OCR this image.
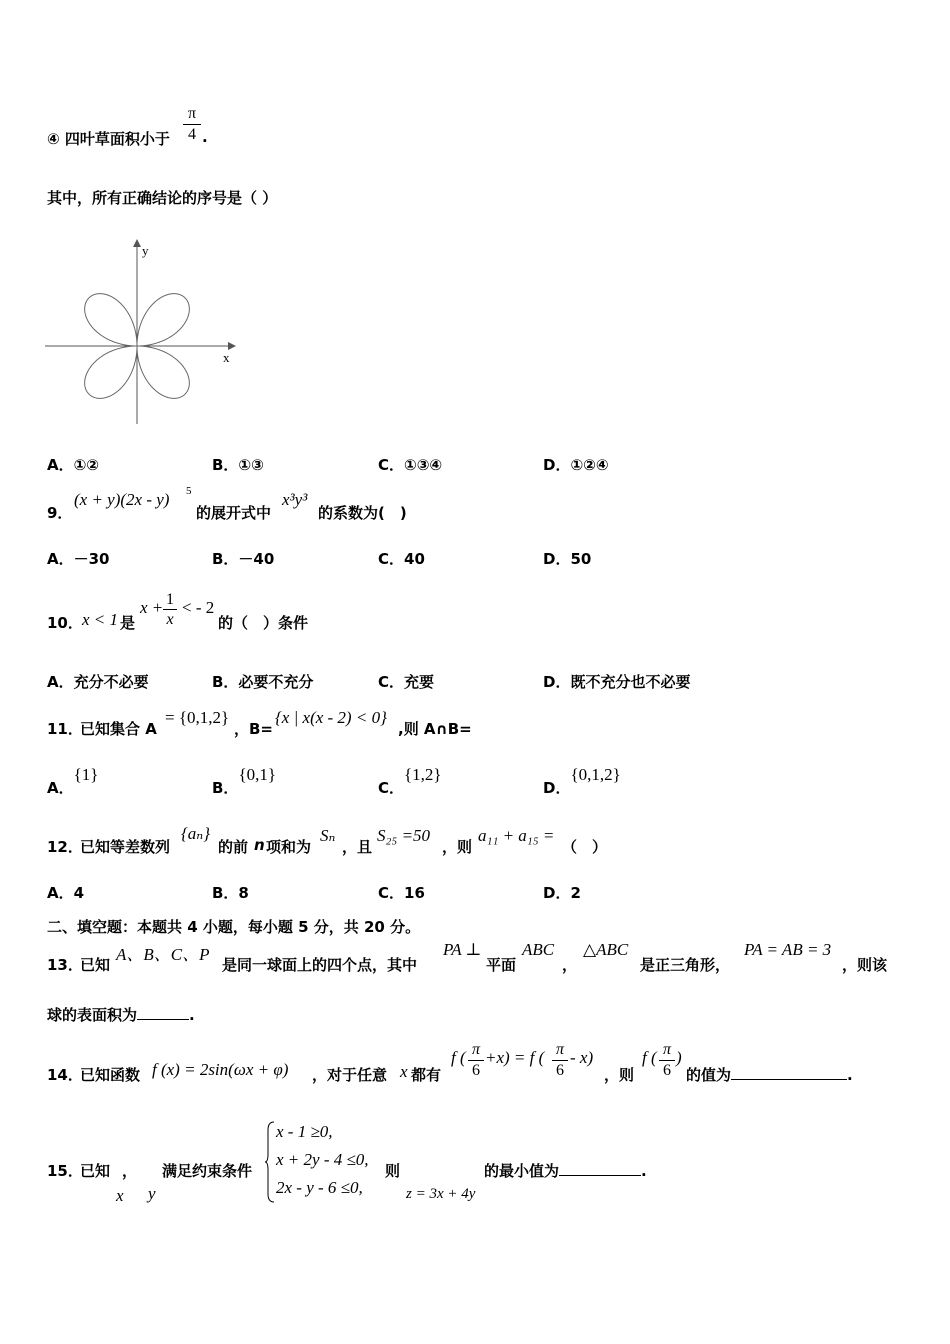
④ 四叶草面积小于 $\frac{\pi}{4}$ .
其中，所有正确结论的序号是（ ）
x
y
A．①②	B．①③	C．①③④	D．①②④
9．
(x + y)(2x - y) 5
的展开式中
x³y³
的系数为(　)
A．－30	B．－40	C．40	D．50
10． x < 1 是
$x + \frac{1}{x}$ < - 2
的（　）条件
A．充分不必要	B．必要不充分	C．充要	D．既不充分也不必要
11．
已知集合 A
= {0,1,2}
，B=
{x | x(x - 2) < 0}
,则 A∩B=
A．{1}
B．{0,1}
C．{1,2}
D．{0,1,2}
12．
已知等差数列
{aₙ}
的前 n 项和为
Sₙ
，且
S₂₅ =50
，则
a₁₁ + a₁₅ =
（　）
A．4	B．8	C．16	D．2
二、填空题：本题共 4 小题，每小题 5 分，共 20 分。
13．
已知
A、B、C、P
是同一球面上的四个点，其中
PA ⊥
平面
ABC
，
△ABC
是正三角形，
PA = AB = 3
，则该
球的表面积为	.
14．
已知函数 f (x) = 2sin(ωx + φ) ，对于任意 x 都有
f ( $\frac{\pi}{6} +x) = f$ ( $\frac{\pi}{6} - x$)
，则
f ( $\frac{\pi}{6}$ )
的值为	.
15．
已知 ， 满足约束条件
x y
x - 1 ≥0,
x + 2y - 4 ≤0,
2x - y - 6 ≤0,
则
z = 3x + 4y
的最小值为	.
